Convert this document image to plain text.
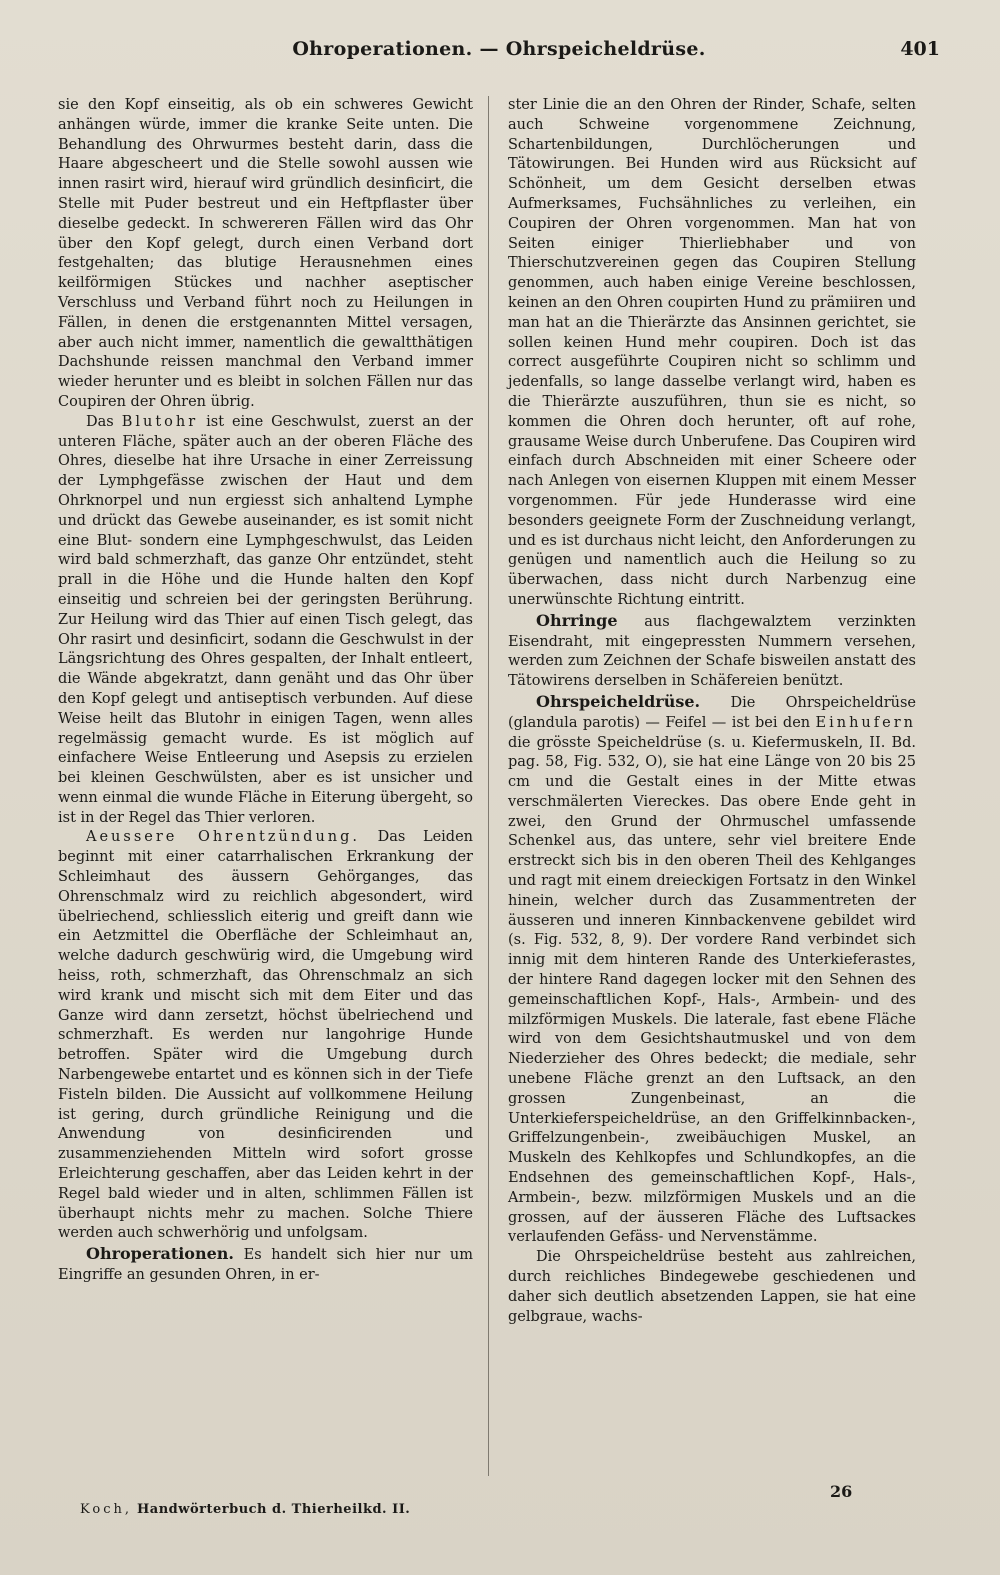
Ohroperationen. — Ohrspeicheldrüse.	401

sie den Kopf einseitig, als ob ein schweres Gewicht anhängen würde, immer die kranke Seite unten. Die Behandlung des Ohrwurmes besteht darin, dass die Haare abgescheert und die Stelle sowohl aussen wie innen rasirt wird, hierauf wird gründlich desinficirt, die Stelle mit Puder bestreut und ein Heftpflaster über dieselbe gedeckt. In schwereren Fällen wird das Ohr über den Kopf gelegt, durch einen Verband dort festgehalten; das blutige Herausnehmen eines keilförmigen Stückes und nachher aseptischer Verschluss und Verband führt noch zu Heilungen in Fällen, in denen die erstgenannten Mittel versagen, aber auch nicht immer, namentlich die gewaltthätigen Dachshunde reissen manchmal den Verband immer wieder herunter und es bleibt in solchen Fällen nur das Coupiren der Ohren übrig.

Das Blutohr ist eine Geschwulst, zuerst an der unteren Fläche, später auch an der oberen Fläche des Ohres, dieselbe hat ihre Ursache in einer Zerreissung der Lymphgefässe zwischen der Haut und dem Ohrknorpel und nun ergiesst sich anhaltend Lymphe und drückt das Gewebe auseinander, es ist somit nicht eine Blut- sondern eine Lymphgeschwulst, das Leiden wird bald schmerzhaft, das ganze Ohr entzündet, steht prall in die Höhe und die Hunde halten den Kopf einseitig und schreien bei der geringsten Berührung. Zur Heilung wird das Thier auf einen Tisch gelegt, das Ohr rasirt und desinficirt, sodann die Geschwulst in der Längsrichtung des Ohres gespalten, der Inhalt entleert, die Wände abgekratzt, dann genäht und das Ohr über den Kopf gelegt und antiseptisch verbunden. Auf diese Weise heilt das Blutohr in einigen Tagen, wenn alles regelmässig gemacht wurde. Es ist möglich auf einfachere Weise Entleerung und Asepsis zu erzielen bei kleinen Geschwülsten, aber es ist unsicher und wenn einmal die wunde Fläche in Eiterung übergeht, so ist in der Regel das Thier verloren.

Aeussere Ohrentzündung. Das Leiden beginnt mit einer catarrhalischen Erkrankung der Schleimhaut des äussern Gehörganges, das Ohrenschmalz wird zu reichlich abgesondert, wird übelriechend, schliesslich eiterig und greift dann wie ein Aetzmittel die Oberfläche der Schleimhaut an, welche dadurch geschwürig wird, die Umgebung wird heiss, roth, schmerzhaft, das Ohrenschmalz an sich wird krank und mischt sich mit dem Eiter und das Ganze wird dann zersetzt, höchst übelriechend und schmerzhaft. Es werden nur langohrige Hunde betroffen. Später wird die Umgebung durch Narbengewebe entartet und es können sich in der Tiefe Fisteln bilden. Die Aussicht auf vollkommene Heilung ist gering, durch gründliche Reinigung und die Anwendung von desinficirenden und zusammenziehenden Mitteln wird sofort grosse Erleichterung geschaffen, aber das Leiden kehrt in der Regel bald wieder und in alten, schlimmen Fällen ist überhaupt nichts mehr zu machen. Solche Thiere werden auch schwerhörig und unfolgsam.

Ohroperationen. Es handelt sich hier nur um Eingriffe an gesunden Ohren, in er-

ster Linie die an den Ohren der Rinder, Schafe, selten auch Schweine vorgenommene Zeichnung, Schartenbildungen, Durchlöcherungen und Tätowirungen. Bei Hunden wird aus Rücksicht auf Schönheit, um dem Gesicht derselben etwas Aufmerksames, Fuchsähnliches zu verleihen, ein Coupiren der Ohren vorgenommen. Man hat von Seiten einiger Thierliebhaber und von Thierschutzvereinen gegen das Coupiren Stellung genommen, auch haben einige Vereine beschlossen, keinen an den Ohren coupirten Hund zu prämiiren und man hat an die Thierärzte das Ansinnen gerichtet, sie sollen keinen Hund mehr coupiren. Doch ist das correct ausgeführte Coupiren nicht so schlimm und jedenfalls, so lange dasselbe verlangt wird, haben es die Thierärzte auszuführen, thun sie es nicht, so kommen die Ohren doch herunter, oft auf rohe, grausame Weise durch Unberufene. Das Coupiren wird einfach durch Abschneiden mit einer Scheere oder nach Anlegen von eisernen Kluppen mit einem Messer vorgenommen. Für jede Hunderasse wird eine besonders geeignete Form der Zuschneidung verlangt, und es ist durchaus nicht leicht, den Anforderungen zu genügen und namentlich auch die Heilung so zu überwachen, dass nicht durch Narbenzug eine unerwünschte Richtung eintritt.

Ohrringe aus flachgewalztem verzinkten Eisendraht, mit eingepressten Nummern versehen, werden zum Zeichnen der Schafe bisweilen anstatt des Tätowirens derselben in Schäfereien benützt.

Ohrspeicheldrüse. Die Ohrspeicheldrüse (glandula parotis) — Feifel — ist bei den Einhufern die grösste Speicheldrüse (s. u. Kiefermuskeln, II. Bd. pag. 58, Fig. 532, O), sie hat eine Länge von 20 bis 25 cm und die Gestalt eines in der Mitte etwas verschmälerten Viereckes. Das obere Ende geht in zwei, den Grund der Ohrmuschel umfassende Schenkel aus, das untere, sehr viel breitere Ende erstreckt sich bis in den oberen Theil des Kehlganges und ragt mit einem dreieckigen Fortsatz in den Winkel hinein, welcher durch das Zusammentreten der äusseren und inneren Kinnbackenvene gebildet wird (s. Fig. 532, 8, 9). Der vordere Rand verbindet sich innig mit dem hinteren Rande des Unterkieferastes, der hintere Rand dagegen locker mit den Sehnen des gemeinschaftlichen Kopf-, Hals-, Armbein- und des milzförmigen Muskels. Die laterale, fast ebene Fläche wird von dem Gesichtshautmuskel und von dem Niederzieher des Ohres bedeckt; die mediale, sehr unebene Fläche grenzt an den Luftsack, an den grossen Zungenbeinast, an die Unterkieferspeicheldrüse, an den Griffelkinnbacken-, Griffelzungenbein-, zweibäuchigen Muskel, an Muskeln des Kehlkopfes und Schlundkopfes, an die Endsehnen des gemeinschaftlichen Kopf-, Hals-, Armbein-, bezw. milzförmigen Muskels und an die grossen, auf der äusseren Fläche des Luftsackes verlaufenden Gefäss- und Nervenstämme.

Die Ohrspeicheldrüse besteht aus zahlreichen, durch reichliches Bindegewebe geschiedenen und daher sich deutlich absetzenden Lappen, sie hat eine gelbgraue, wachs-

26
Koch, Handwörterbuch d. Thierheilkd. II.
